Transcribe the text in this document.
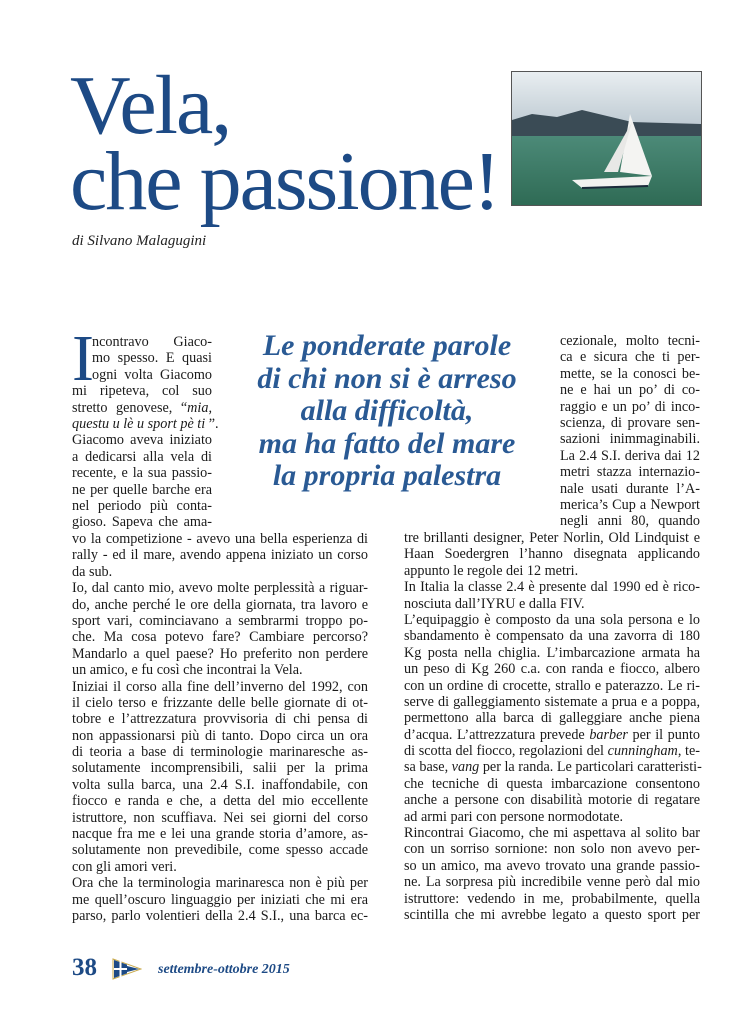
Vela,
che passione!
di Silvano Malagugini
I	Le ponderate parole
di chi non si è arreso
alla difficoltà,
ma ha fatto del mare
la propria palestra
ncontravo Giaco-
mo spesso. E quasi
ogni volta Giacomo
mi ripeteva, col suo
stretto genovese, “mia,
questu u lè u sport pè ti ”.
Giacomo aveva iniziato
a dedicarsi alla vela di
recente, e la sua passio-
ne per quelle barche era
nel periodo più conta-
gioso. Sapeva che ama-
vo la competizione - avevo una bella esperienza di
rally - ed il mare, avendo appena iniziato un corso
da sub.
Io, dal canto mio, avevo molte perplessità a riguar-
do, anche perché le ore della giornata, tra lavoro e
sport vari, cominciavano a sembrarmi troppo po-
che. Ma cosa potevo fare? Cambiare percorso?
Mandarlo a quel paese? Ho preferito non perdere
un amico, e fu così che incontrai la Vela.
Iniziai il corso alla fine dell’inverno del 1992, con
il cielo terso e frizzante delle belle giornate di ot-
tobre e l’attrezzatura provvisoria di chi pensa di
non appassionarsi più di tanto. Dopo circa un ora
di teoria a base di terminologie marinaresche as-
solutamente incomprensibili, salii per la prima
volta sulla barca, una 2.4 S.I. inaffondabile, con
fiocco e randa e che, a detta del mio eccellente
istruttore, non scuffiava. Nei sei giorni del corso
nacque fra me e lei una grande storia d’amore, as-
solutamente non prevedibile, come spesso accade
con gli amori veri.
Ora che la terminologia marinaresca non è più per
me quell’oscuro linguaggio per iniziati che mi era
parso, parlo volentieri della 2.4 S.I., una barca ec-
cezionale, molto tecni-
ca e sicura che ti per-
mette, se la conosci be-
ne e hai un po’ di co-
raggio e un po’ di inco-
scienza, di provare sen-
sazioni inimmaginabili.
La 2.4 S.I. deriva dai 12
metri stazza internazio-
nale usati durante l’A-
merica’s Cup a Newport
negli anni 80, quando
tre brillanti designer, Peter Norlin, Old Lindquist e
Haan Soedergren l’hanno disegnata applicando
appunto le regole dei 12 metri.
In Italia la classe 2.4 è presente dal 1990 ed è rico-
nosciuta dall’IYRU e dalla FIV.
L’equipaggio è composto da una sola persona e lo
sbandamento è compensato da una zavorra di 180
Kg posta nella chiglia. L’imbarcazione armata ha
un peso di Kg 260 c.a. con randa e fiocco, albero
con un ordine di crocette, strallo e paterazzo. Le ri-
serve di galleggiamento sistemate a prua e a poppa,
permettono alla barca di galleggiare anche piena
d’acqua. L’attrezzatura prevede barber per il punto
di scotta del fiocco, regolazioni del cunningham, te-
sa base, vang per la randa. Le particolari caratteristi-
che tecniche di questa imbarcazione consentono
anche a persone con disabilità motorie di regatare
ad armi pari con persone normodotate.
Rincontrai Giacomo, che mi aspettava al solito bar
con un sorriso sornione: non solo non avevo per-
so un amico, ma avevo trovato una grande passio-
ne. La sorpresa più incredibile venne però dal mio
istruttore: vedendo in me, probabilmente, quella
scintilla che mi avrebbe legato a questo sport per
38	settembre-ottobre 2015
